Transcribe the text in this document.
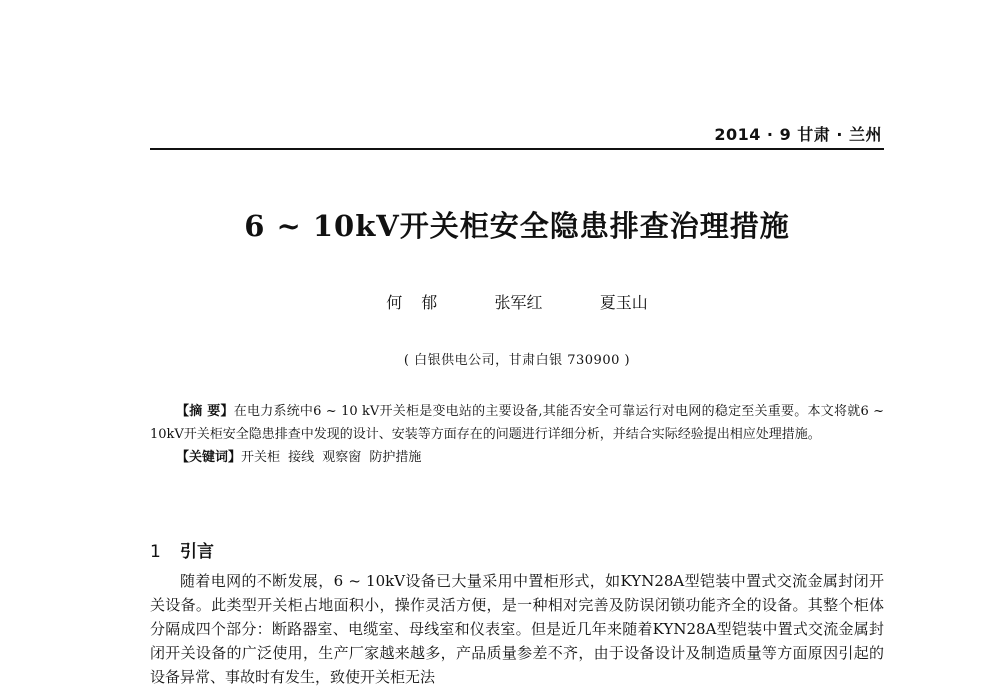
2014 · 9 甘肃 · 兰州
6 ~ 10kV开关柜安全隐患排查治理措施
何 郁   张军红   夏玉山
( 白银供电公司，甘肃白银 730900 )

【摘 要】在电力系统中6 ~ 10 kV开关柜是变电站的主要设备,其能否安全可靠运行对电网的稳定至关重要。本文将就6 ~ 10kV开关柜安全隐患排查中发现的设计、安装等方面存在的问题进行详细分析，并结合实际经验提出相应处理措施。

【关键词】开关柜 接线 观察窗 防护措施

1 引言

随着电网的不断发展，6 ~ 10kV设备已大量采用中置柜形式，如KYN28A型铠装中置式交流金属封闭开关设备。此类型开关柜占地面积小，操作灵活方便，是一种相对完善及防误闭锁功能齐全的设备。其整个柜体分隔成四个部分：断路器室、电缆室、母线室和仪表室。但是近几年来随着KYN28A型铠装中置式交流金属封闭开关设备的广泛使用，生产厂家越来越多，产品质量参差不齐，由于设备设计及制造质量等方面原因引起的设备异常、事故时有发生，致使开关柜无法
